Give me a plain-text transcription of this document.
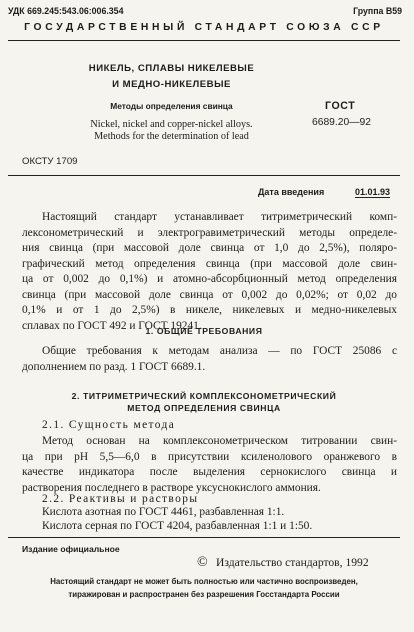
УДК 669.245:543.06:006.354	Группа В59
ГОСУДАРСТВЕННЫЙ СТАНДАРТ СОЮЗА ССР
НИКЕЛЬ, СПЛАВЫ НИКЕЛЕВЫЕ
И МЕДНО-НИКЕЛЕВЫЕ
Методы определения свинца
Nickel, nickel and copper-nickel alloys.
Methods for the determination of lead
ГОСТ
6689.20—92
ОКСТУ 1709
Дата введения	01.01.93
Настоящий стандарт устанавливает титриметрический комп-
лексонометрический и электрогравиметрический методы определе-
ния свинца (при массовой доле свинца от 1,0 до 2,5%), поляро-
графический метод определения свинца (при массовой доле свин-
ца от 0,002 до 0,1%) и атомно-абсорбционный метод определения
свинца (при массовой доле свинца от 0,002 до 0,02%; от 0,02 до
0,1% и от 1 до 2,5%) в никеле, никелевых и медно-никелевых
сплавах по ГОСТ 492 и ГОСТ 19241.
1. ОБЩИЕ ТРЕБОВАНИЯ
Общие требования к методам анализа — по ГОСТ 25086 с
дополнением по разд. 1 ГОСТ 6689.1.
2. ТИТРИМЕТРИЧЕСКИЙ КОМПЛЕКСОНОМЕТРИЧЕСКИЙ
МЕТОД ОПРЕДЕЛЕНИЯ СВИНЦА
2.1. Сущность метода
Метод основан на комплексонометрическом титровании свин-
ца при pH 5,5—6,0 в присутствии ксиленолового оранжевого в
качестве индикатора после выделения сернокислого свинца и
растворения последнего в растворе уксуснокислого аммония.
2.2. Реактивы и растворы
Кислота азотная по ГОСТ 4461, разбавленная 1:1.
Кислота серная по ГОСТ 4204, разбавленная 1:1 и 1:50.
Издание официальное
© Издательство стандартов, 1992
Настоящий стандарт не может быть полностью или частично воспроизведен,
тиражирован и распространен без разрешения Госстандарта России
